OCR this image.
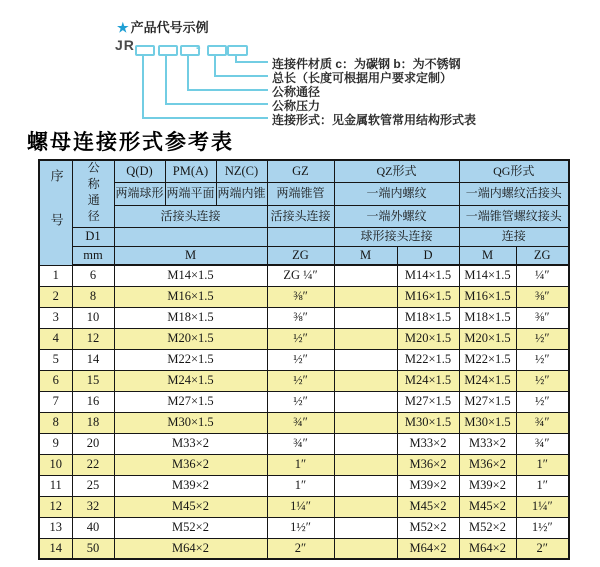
★ 产品代号示例
JR	-
连接件材质 c：为碳钢 b：为不锈钢
总长（长度可根据用户要求定制）
公称通径
公称压力
连接形式：见金属软管常用结构形式表
螺母连接形式参考表
序号	公称通径	Q(D)	PM(A)	NZ(C)	GZ	QZ形式		QG形式	
		两端球形	两端平面	两端内锥	两端锥管	一端内螺纹		一端内螺纹活接头	
		活接头连接			活接头连接	一端外螺纹		一端锥管螺纹接头	
	D1					球形接头连接		连接	
	mm	M			ZG	M	D	M	ZG
1	6	M14×1.5			ZG ¼″		M14×1.5	M14×1.5	¼″
2	8	M16×1.5			⅜″		M16×1.5	M16×1.5	⅜″
3	10	M18×1.5			⅜″		M18×1.5	M18×1.5	⅜″
4	12	M20×1.5			½″		M20×1.5	M20×1.5	½″
5	14	M22×1.5			½″		M22×1.5	M22×1.5	½″
6	15	M24×1.5			½″		M24×1.5	M24×1.5	½″
7	16	M27×1.5			½″		M27×1.5	M27×1.5	½″
8	18	M30×1.5			¾″		M30×1.5	M30×1.5	¾″
9	20	M33×2			¾″		M33×2	M33×2	¾″
10	22	M36×2			1″		M36×2	M36×2	1″
11	25	M39×2			1″		M39×2	M39×2	1″
12	32	M45×2			1¼″		M45×2	M45×2	1¼″
13	40	M52×2			1½″		M52×2	M52×2	1½″
14	50	M64×2			2″		M64×2	M64×2	2″
